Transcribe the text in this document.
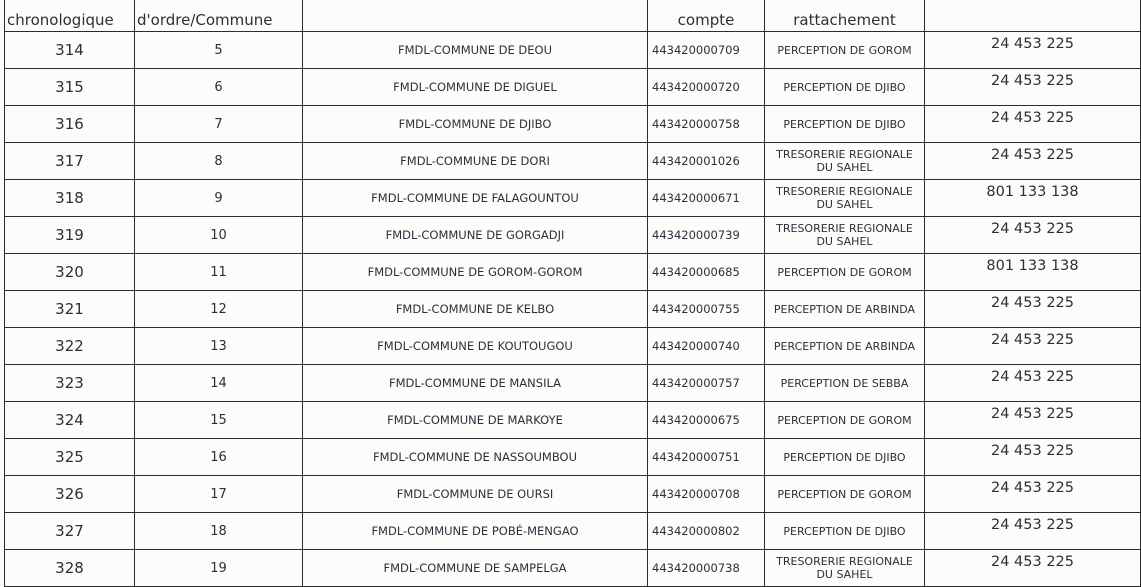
chronologique	d'ordre/Commune		compte	rattachement	
314	5	FMDL-COMMUNE DE DEOU	443420000709	PERCEPTION DE GOROM	24 453 225
315	6	FMDL-COMMUNE DE DIGUEL	443420000720	PERCEPTION DE DJIBO	24 453 225
316	7	FMDL-COMMUNE DE DJIBO	443420000758	PERCEPTION DE DJIBO	24 453 225
317	8	FMDL-COMMUNE DE DORI	443420001026	TRESORERIE REGIONALE DU SAHEL	24 453 225
318	9	FMDL-COMMUNE DE FALAGOUNTOU	443420000671	TRESORERIE REGIONALE DU SAHEL	801 133 138
319	10	FMDL-COMMUNE DE GORGADJI	443420000739	TRESORERIE REGIONALE DU SAHEL	24 453 225
320	11	FMDL-COMMUNE DE GOROM-GOROM	443420000685	PERCEPTION DE GOROM	801 133 138
321	12	FMDL-COMMUNE DE KELBO	443420000755	PERCEPTION DE ARBINDA	24 453 225
322	13	FMDL-COMMUNE DE KOUTOUGOU	443420000740	PERCEPTION DE ARBINDA	24 453 225
323	14	FMDL-COMMUNE DE MANSILA	443420000757	PERCEPTION DE SEBBA	24 453 225
324	15	FMDL-COMMUNE DE MARKOYE	443420000675	PERCEPTION DE GOROM	24 453 225
325	16	FMDL-COMMUNE DE NASSOUMBOU	443420000751	PERCEPTION DE DJIBO	24 453 225
326	17	FMDL-COMMUNE DE OURSI	443420000708	PERCEPTION DE GOROM	24 453 225
327	18	FMDL-COMMUNE DE POBÉ-MENGAO	443420000802	PERCEPTION DE DJIBO	24 453 225
328	19	FMDL-COMMUNE DE SAMPELGA	443420000738	TRESORERIE REGIONALE DU SAHEL	24 453 225
